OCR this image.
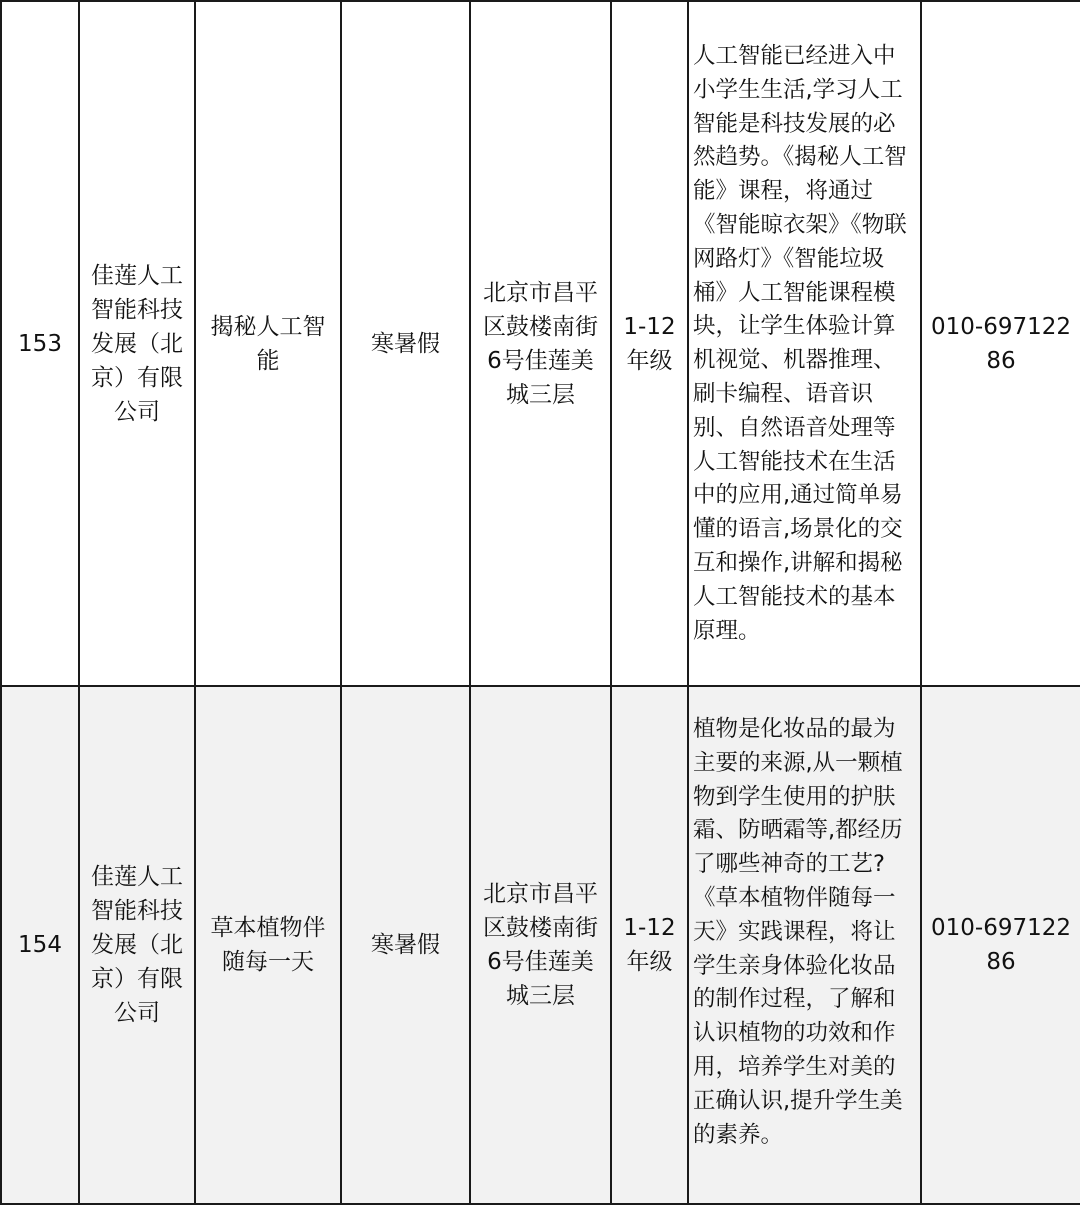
153	佳莲人工智能科技发展（北京）有限公司	揭秘人工智能	寒暑假	北京市昌平区鼓楼南街6号佳莲美城三层	1-12年级	人工智能已经进入中小学生生活,学习人工智能是科技发展的必然趋势。《揭秘人工智能》课程，将通过《智能晾衣架》《物联网路灯》《智能垃圾桶》人工智能课程模块，让学生体验计算机视觉、机器推理、刷卡编程、语音识别、自然语音处理等人工智能技术在生活中的应用,通过简单易懂的语言,场景化的交互和操作,讲解和揭秘人工智能技术的基本原理。	010-69712286

154	佳莲人工智能科技发展（北京）有限公司	草本植物伴随每一天	寒暑假	北京市昌平区鼓楼南街6号佳莲美城三层	1-12年级	植物是化妆品的最为主要的来源,从一颗植物到学生使用的护肤霜、防晒霜等,都经历了哪些神奇的工艺?《草本植物伴随每一天》实践课程，将让学生亲身体验化妆品的制作过程，了解和认识植物的功效和作用，培养学生对美的正确认识,提升学生美的素养。	010-69712286
